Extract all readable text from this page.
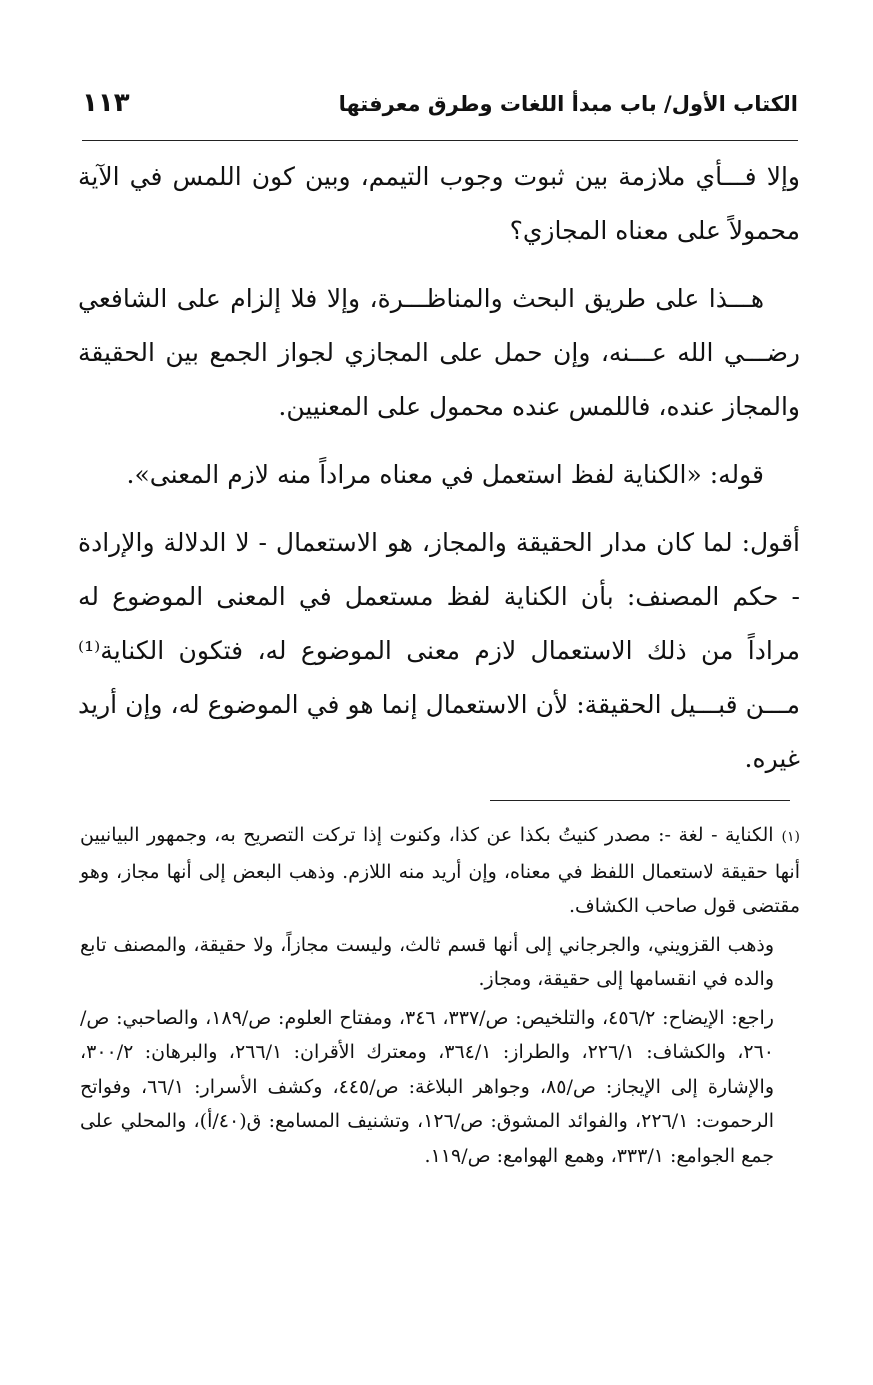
الكتاب الأول/ باب مبدأ اللغات وطرق معرفتها
١١٣

وإلا فـــأي ملازمة بين ثبوت وجوب التيمم، وبين كون اللمس في الآية محمولاً على معناه المجازي؟

هـــذا على طريق البحث والمناظـــرة، وإلا فلا إلزام على الشافعي رضـــي الله عـــنه، وإن حمل على المجازي لجواز الجمع بين الحقيقة والمجاز عنده، فاللمس عنده محمول على المعنيين.

قوله: «الكناية لفظ استعمل في معناه مراداً منه لازم المعنى».

أقول: لما كان مدار الحقيقة والمجاز، هو الاستعمال - لا الدلالة والإرادة - حكم المصنف: بأن الكناية لفظ مستعمل في المعنى الموضوع له مراداً من ذلك الاستعمال لازم معنى الموضوع له، فتكون الكناية⁽¹⁾ مـــن قبـــيل الحقيقة: لأن الاستعمال إنما هو في الموضوع له، وإن أريد غيره.

(١)الكناية - لغة -: مصدر كنيتُ بكذا عن كذا، وكنوت إذا تركت التصريح به، وجمهور البيانيين أنها حقيقة لاستعمال اللفظ في معناه، وإن أريد منه اللازم. وذهب البعض إلى أنها مجاز، وهو مقتضى قول صاحب الكشاف.

وذهب القزويني، والجرجاني إلى أنها قسم ثالث، وليست مجازاً، ولا حقيقة، والمصنف تابع والده في انقسامها إلى حقيقة، ومجاز.

راجع: الإيضاح: ٤٥٦/٢، والتلخيص: ص/٣٣٧، ٣٤٦، ومفتاح العلوم: ص/١٨٩، والصاحبي: ص/٢٦٠، والكشاف: ٢٢٦/١، والطراز: ٣٦٤/١، ومعترك الأقران: ٢٦٦/١، والبرهان: ٣٠٠/٢، والإشارة إلى الإيجاز: ص/٨٥، وجواهر البلاغة: ص/٤٤٥، وكشف الأسرار: ٦٦/١، وفواتح الرحموت: ٢٢٦/١، والفوائد المشوق: ص/١٢٦، وتشنيف المسامع: ق(٤٠/أ)، والمحلي على جمع الجوامع: ٣٣٣/١، وهمع الهوامع: ص/١١٩.
